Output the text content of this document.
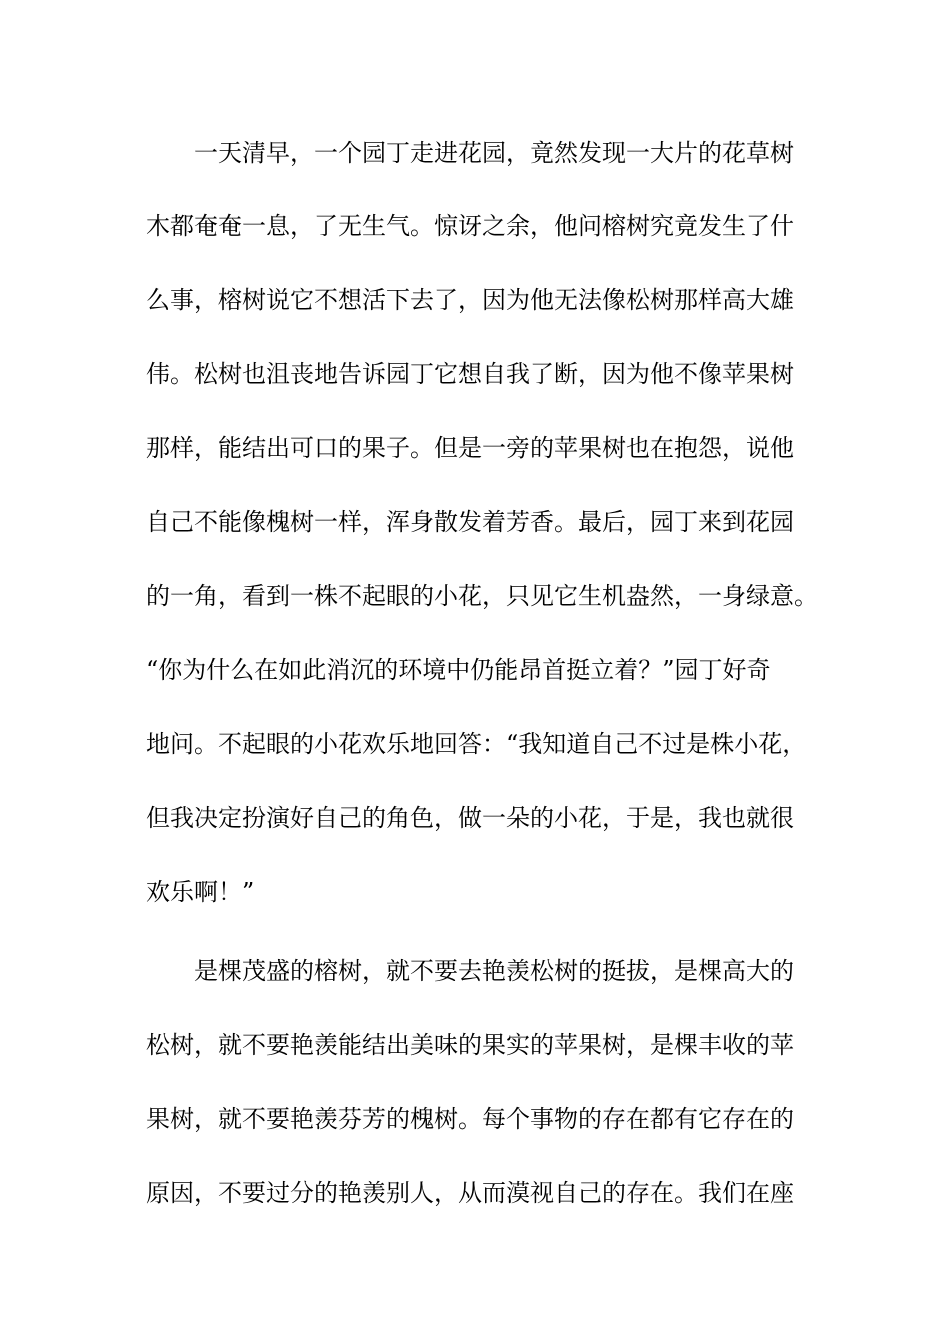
一天清早，一个园丁走进花园，竟然发现一大片的花草树
木都奄奄一息，了无生气。惊讶之余，他问榕树究竟发生了什
么事，榕树说它不想活下去了，因为他无法像松树那样高大雄
伟。松树也沮丧地告诉园丁它想自我了断，因为他不像苹果树
那样，能结出可口的果子。但是一旁的苹果树也在抱怨，说他
自己不能像槐树一样，浑身散发着芳香。最后，园丁来到花园
的一角，看到一株不起眼的小花，只见它生机盎然，一身绿意。
“你为什么在如此消沉的环境中仍能昂首挺立着？”园丁好奇
地问。不起眼的小花欢乐地回答：“我知道自己不过是株小花，
但我决定扮演好自己的角色，做一朵的小花，于是，我也就很
欢乐啊！”
是棵茂盛的榕树，就不要去艳羡松树的挺拔，是棵高大的
松树，就不要艳羡能结出美味的果实的苹果树，是棵丰收的苹
果树，就不要艳羡芬芳的槐树。每个事物的存在都有它存在的
原因，不要过分的艳羡别人，从而漠视自己的存在。我们在座
